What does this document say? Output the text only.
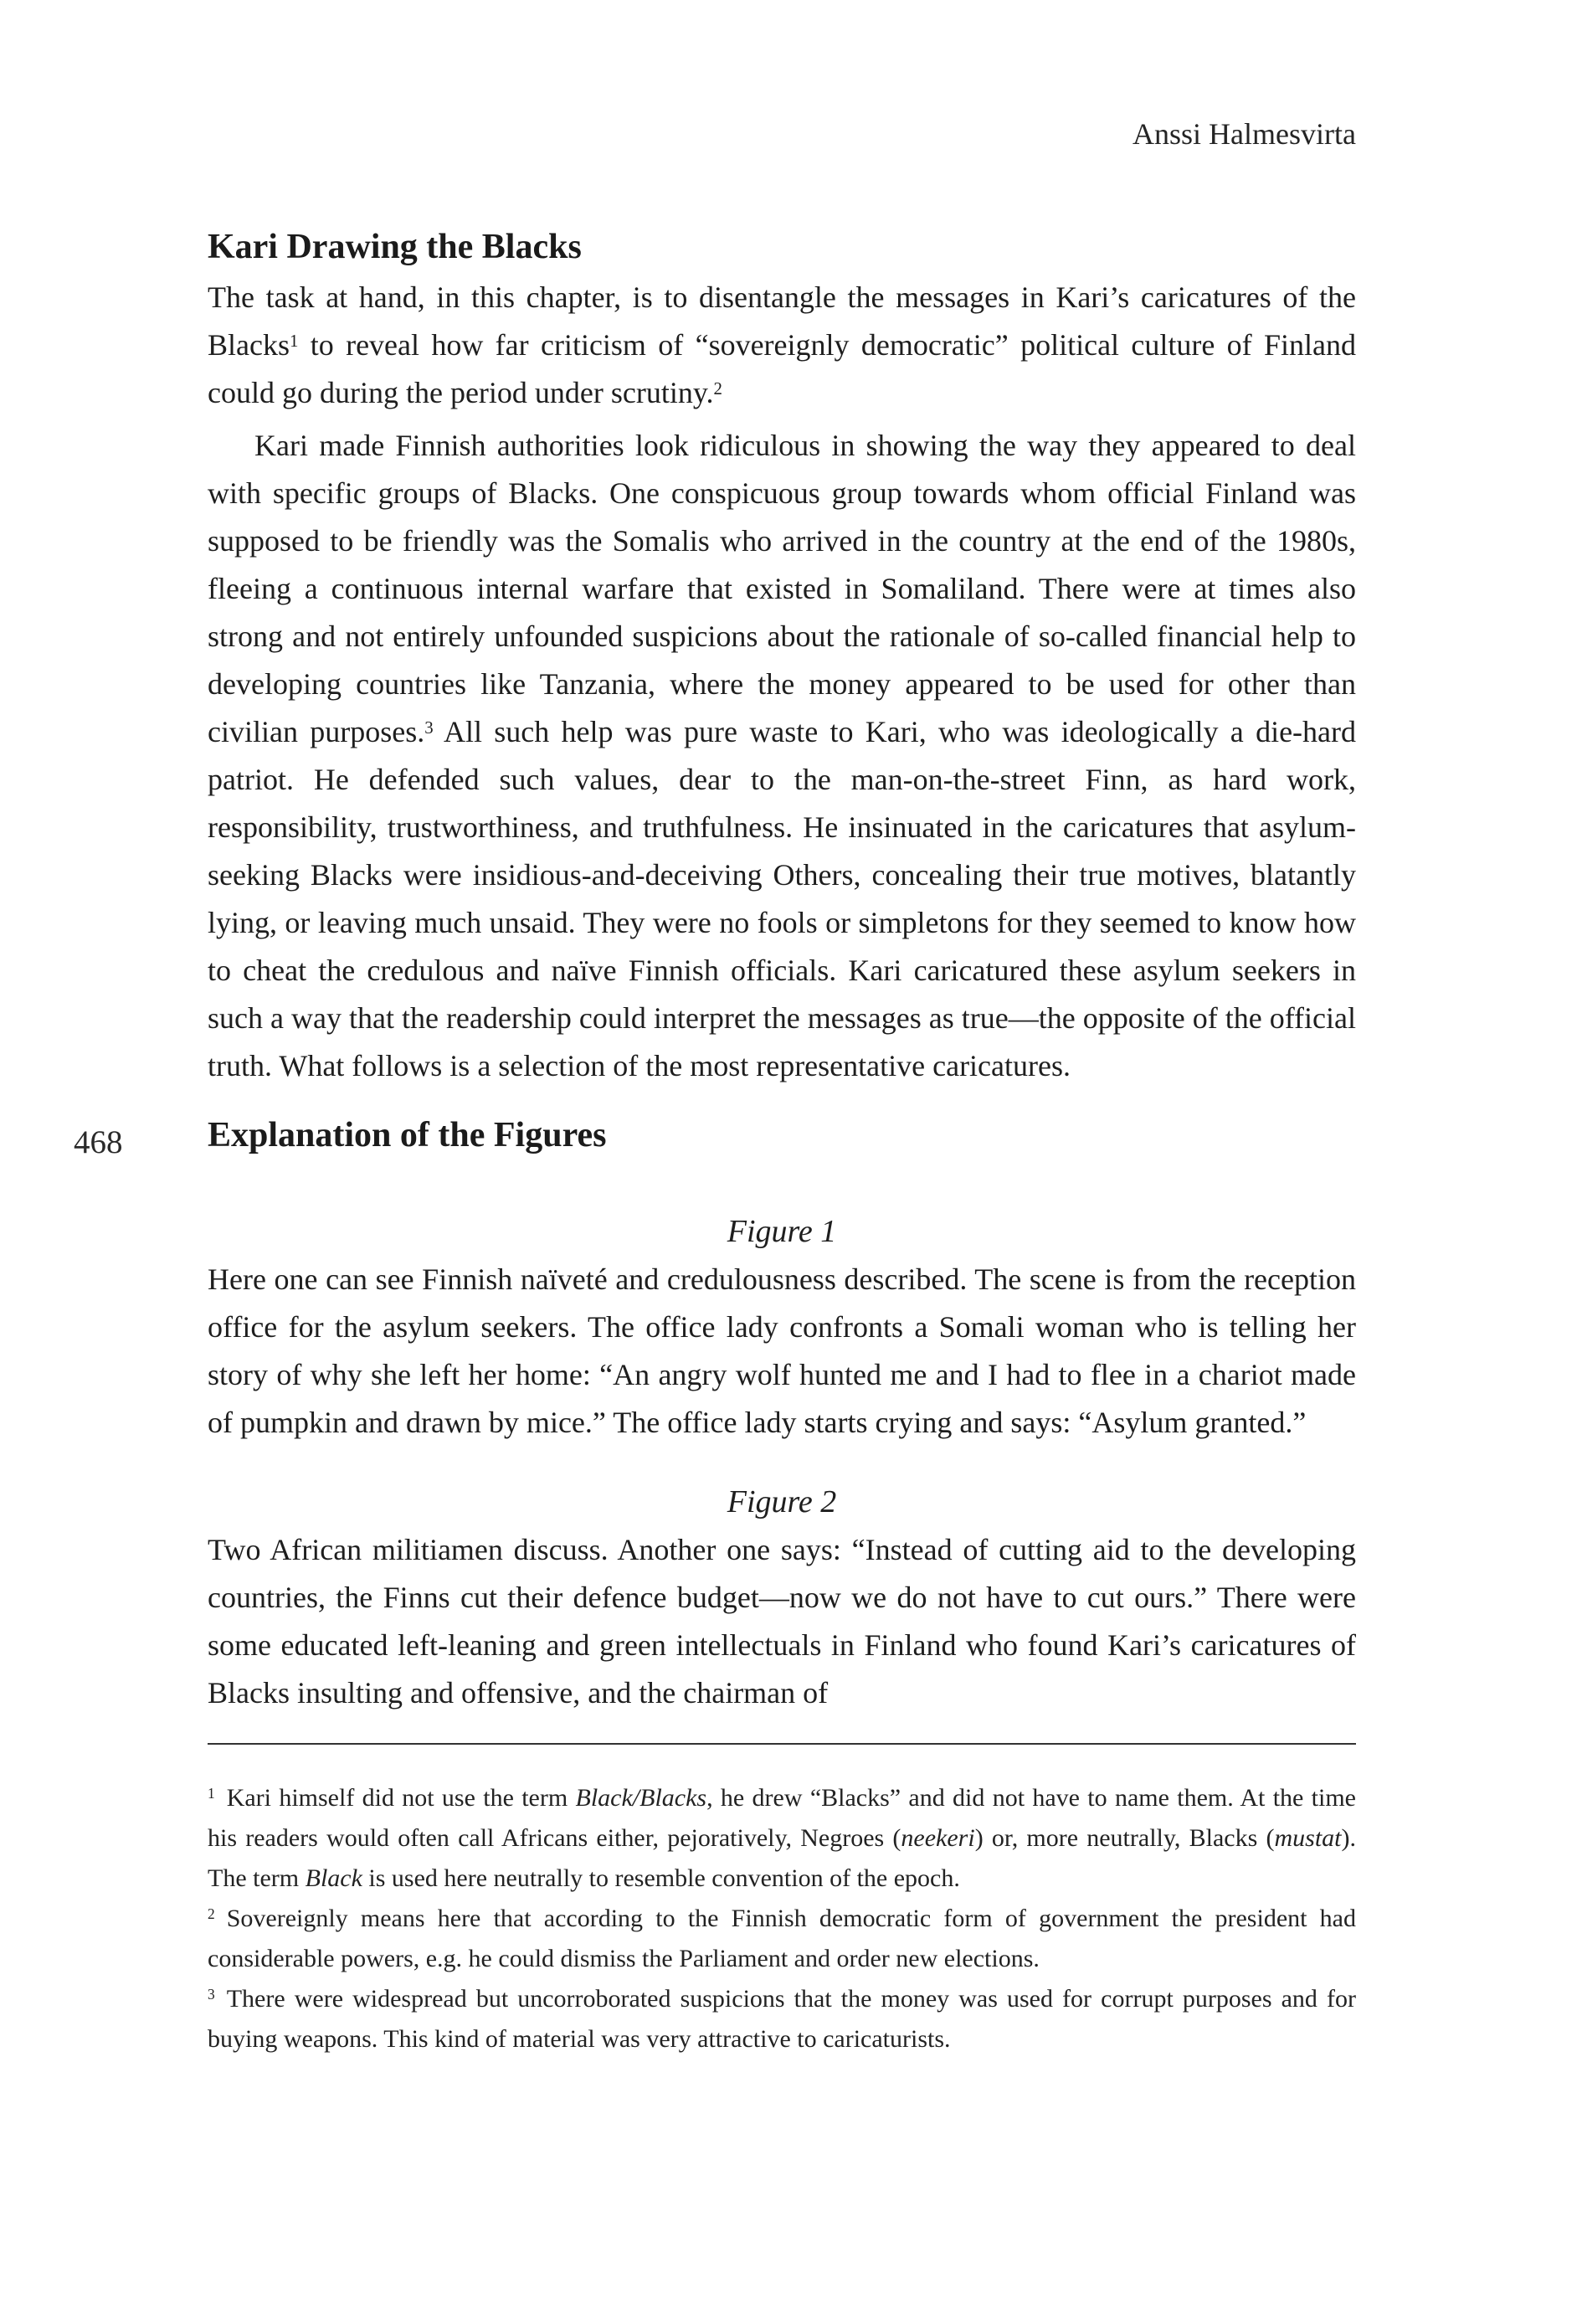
468
Anssi Halmesvirta
Kari Drawing the Blacks

The task at hand, in this chapter, is to disentangle the messages in Kari’s caricatures of the Blacks$^1$ to reveal how far criticism of “sovereignly democratic” political culture of Finland could go during the period under scrutiny.$^2$

Kari made Finnish authorities look ridiculous in showing the way they appeared to deal with specific groups of Blacks. One conspicuous group towards whom official Finland was supposed to be friendly was the Somalis who arrived in the country at the end of the 1980s, fleeing a continuous internal warfare that existed in Somaliland. There were at times also strong and not entirely unfounded suspicions about the rationale of so-called financial help to developing countries like Tanzania, where the money appeared to be used for other than civilian purposes.$^3$ All such help was pure waste to Kari, who was ideologically a die-hard patriot. He defended such values, dear to the man-on-the-street Finn, as hard work, responsibility, trustworthiness, and truthfulness. He insinuated in the caricatures that asylum-seeking Blacks were insidious-and-deceiving Others, concealing their true motives, blatantly lying, or leaving much unsaid. They were no fools or simpletons for they seemed to know how to cheat the credulous and naïve Finnish officials. Kari caricatured these asylum seekers in such a way that the readership could interpret the messages as true—the opposite of the official truth. What follows is a selection of the most representative caricatures.

Explanation of the Figures
Figure 1

Here one can see Finnish naïveté and credulousness described. The scene is from the reception office for the asylum seekers. The office lady confronts a Somali woman who is telling her story of why she left her home: “An angry wolf hunted me and I had to flee in a chariot made of pumpkin and drawn by mice.” The office lady starts crying and says: “Asylum granted.”

Figure 2

Two African militiamen discuss. Another one says: “Instead of cutting aid to the developing countries, the Finns cut their defence budget—now we do not have to cut ours.” There were some educated left-leaning and green intellectuals in Finland who found Kari’s caricatures of Blacks insulting and offensive, and the chairman of

$^1$ Kari himself did not use the term Black/Blacks, he drew “Blacks” and did not have to name them. At the time his readers would often call Africans either, pejoratively, Negroes (neekeri) or, more neutrally, Blacks (mustat). The term Black is used here neutrally to resemble convention of the epoch.

$^2$ Sovereignly means here that according to the Finnish democratic form of government the president had considerable powers, e.g. he could dismiss the Parliament and order new elections.

$^3$ There were widespread but uncorroborated suspicions that the money was used for corrupt purposes and for buying weapons. This kind of material was very attractive to caricaturists.
